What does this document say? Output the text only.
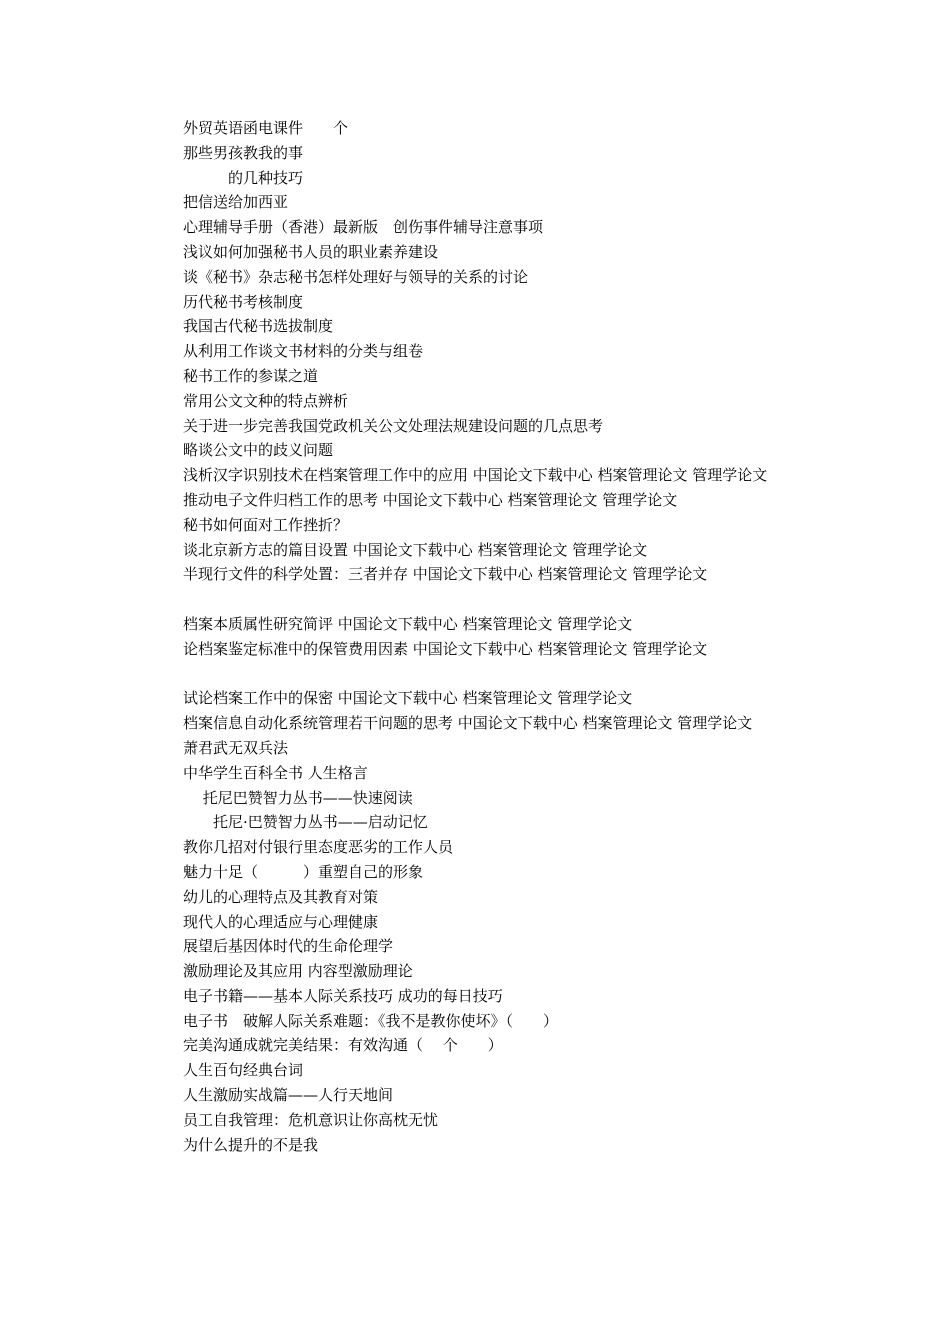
外贸英语函电课件　　个
那些男孩教我的事
　　　的几种技巧
把信送给加西亚
心理辅导手册（香港）最新版　创伤事件辅导注意事项
浅议如何加强秘书人员的职业素养建设
谈《秘书》杂志秘书怎样处理好与领导的关系的讨论
历代秘书考核制度
我国古代秘书选拔制度
从利用工作谈文书材料的分类与组卷
秘书工作的参谋之道
常用公文文种的特点辨析
关于进一步完善我国党政机关公文处理法规建设问题的几点思考
略谈公文中的歧义问题
浅析汉字识别技术在档案管理工作中的应用 中国论文下载中心 档案管理论文 管理学论文
推动电子文件归档工作的思考 中国论文下载中心 档案管理论文 管理学论文
秘书如何面对工作挫折？
谈北京新方志的篇目设置 中国论文下载中心 档案管理论文 管理学论文
半现行文件的科学处置：三者并存 中国论文下载中心 档案管理论文 管理学论文
档案本质属性研究简评 中国论文下载中心 档案管理论文 管理学论文
论档案鉴定标准中的保管费用因素 中国论文下载中心 档案管理论文 管理学论文
试论档案工作中的保密 中国论文下载中心 档案管理论文 管理学论文
档案信息自动化系统管理若干问题的思考 中国论文下载中心 档案管理论文 管理学论文
萧君武无双兵法
中华学生百科全书 人生格言
　 托尼巴赞智力丛书——快速阅读
　　托尼·巴赞智力丛书——启动记忆
教你几招对付银行里态度恶劣的工作人员
魅力十足（　　　）重塑自己的形象
幼儿的心理特点及其教育对策
现代人的心理适应与心理健康
展望后基因体时代的生命伦理学
激励理论及其应用 内容型激励理论
电子书籍——基本人际关系技巧 成功的每日技巧
电子书　破解人际关系难题：《我不是教你使坏》（　　）
完美沟通成就完美结果：有效沟通（　 个　　）
人生百句经典台词
人生激励实战篇——人行天地间
员工自我管理：危机意识让你高枕无忧
为什么提升的不是我
